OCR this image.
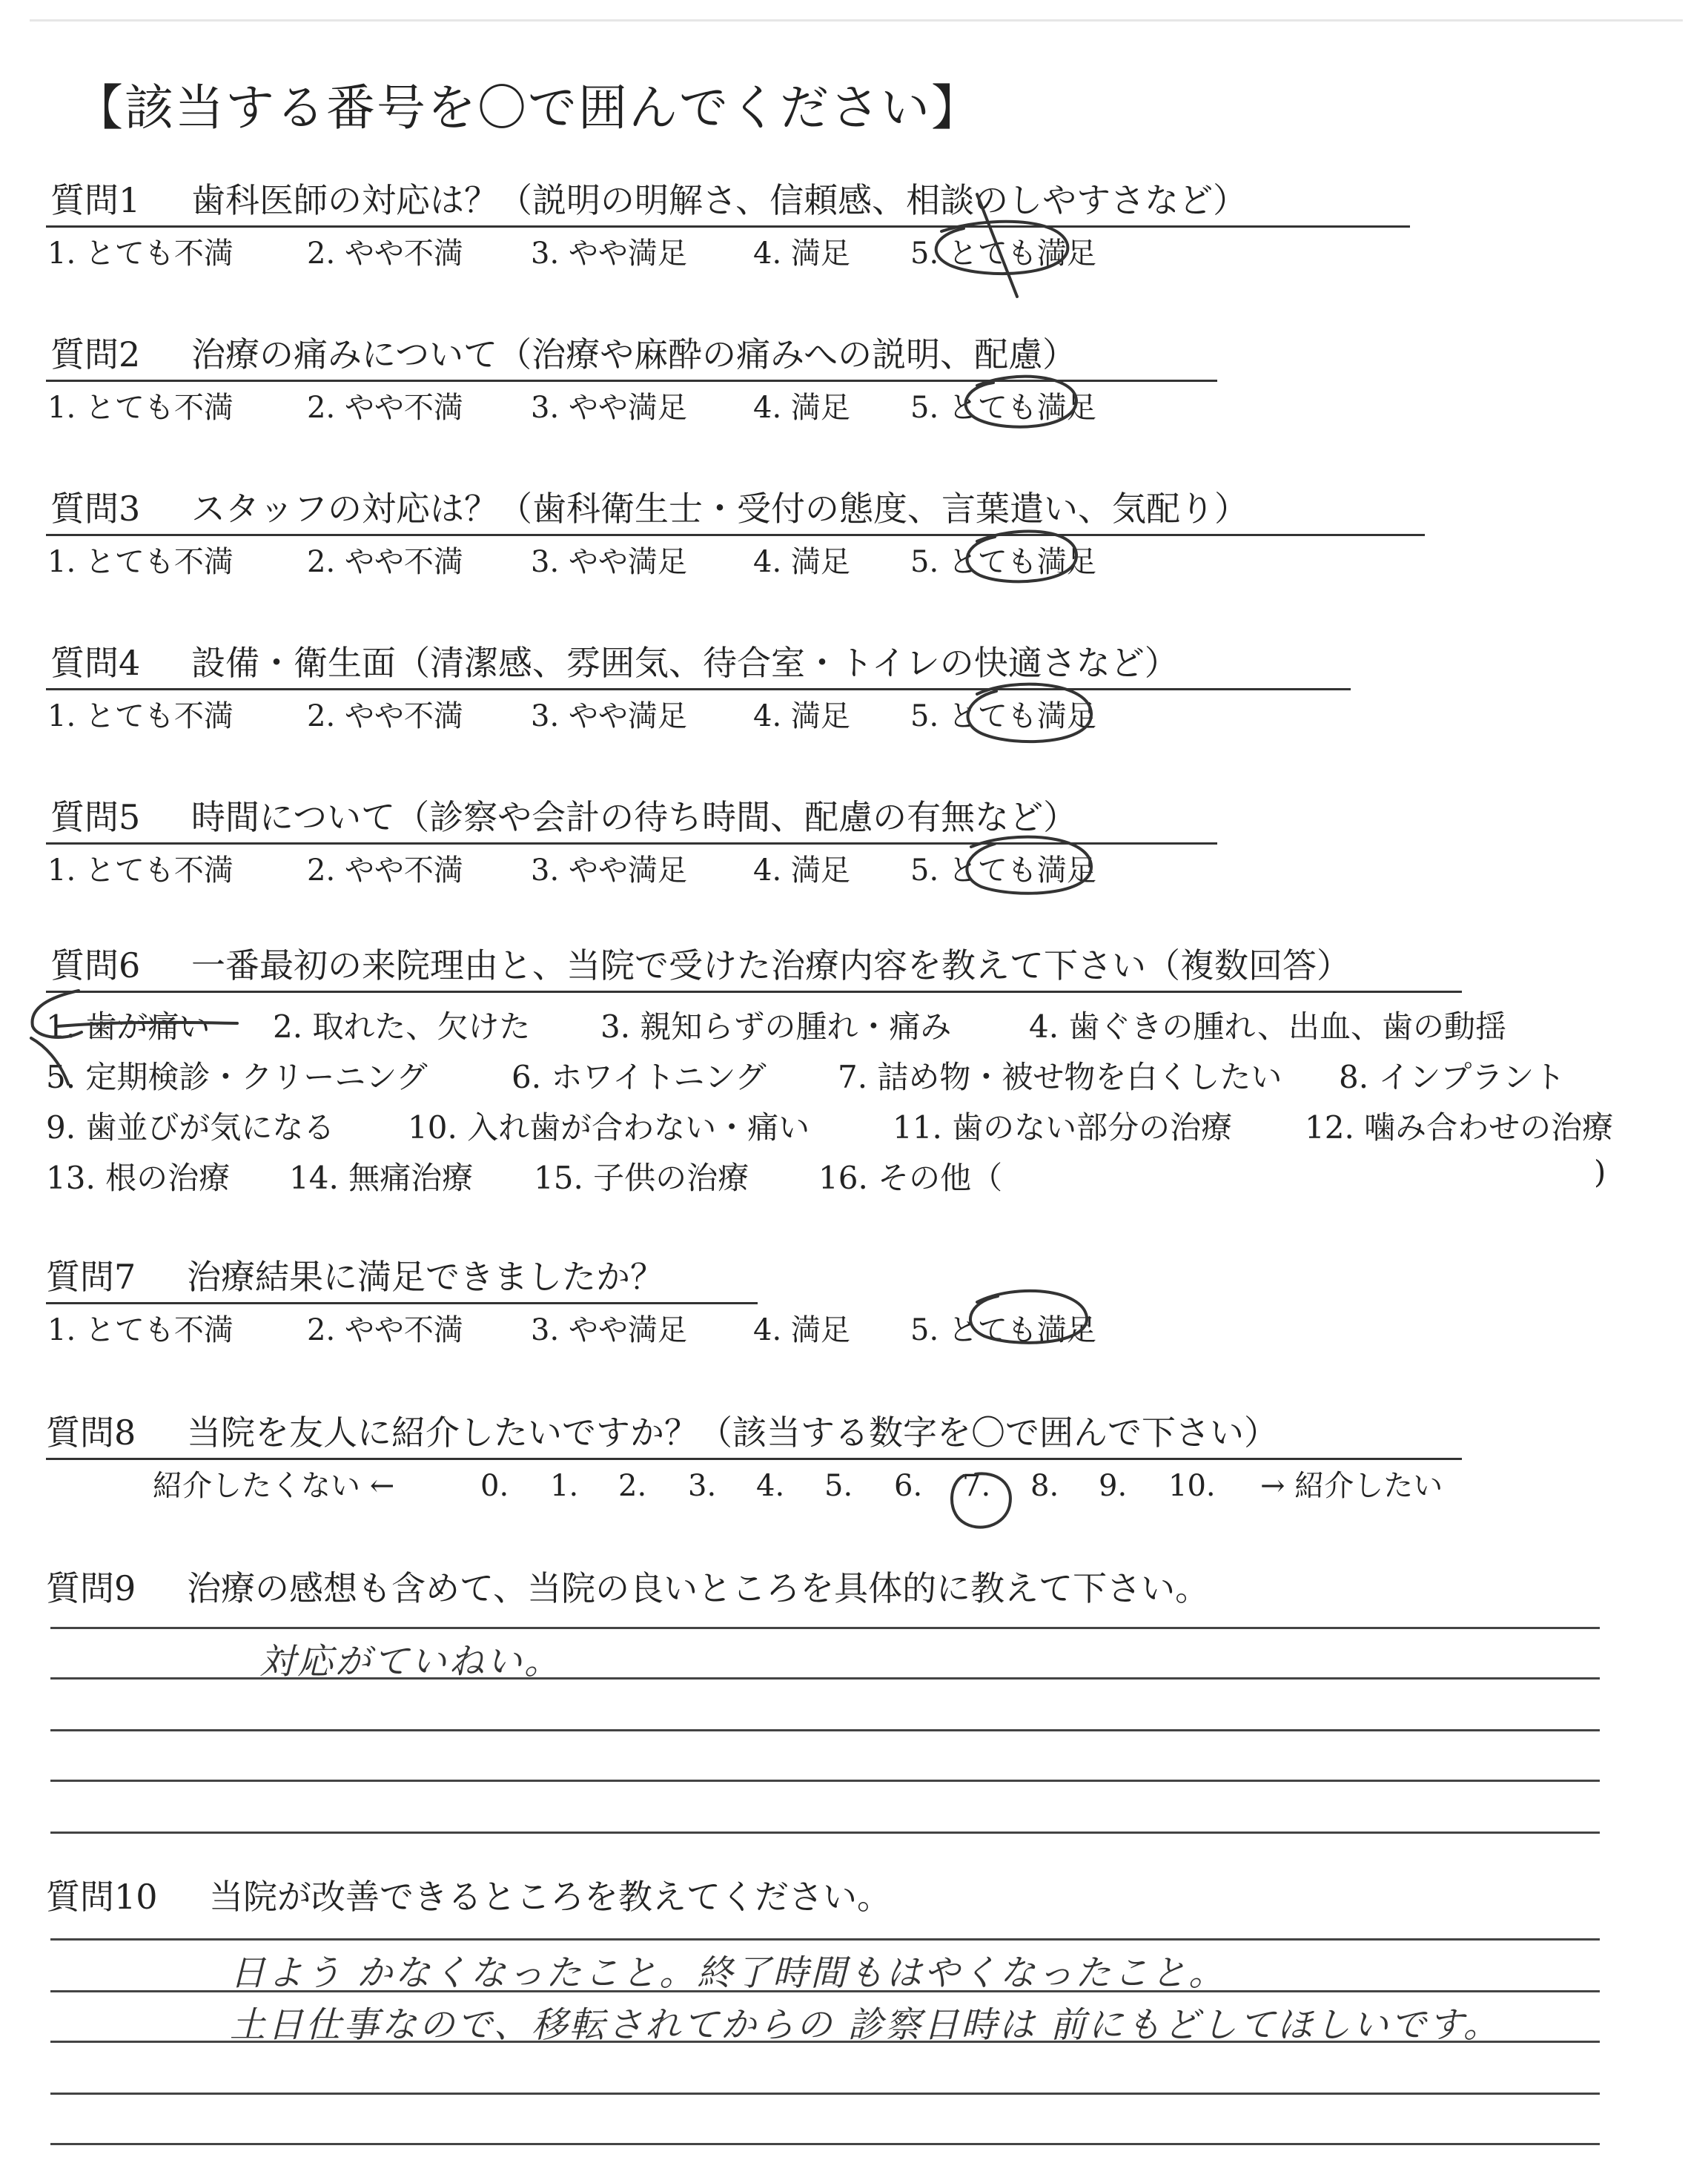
【該当する番号を〇で囲んでください】
質問1 歯科医師の対応は？（説明の明解さ、信頼感、相談のしやすさなど）
1. とても不満 2. やや不満 3. やや満足 4. 満足 5. とても満足
質問2 治療の痛みについて（治療や麻酔の痛みへの説明、配慮）
1. とても不満 2. やや不満 3. やや満足 4. 満足 5. とても満足
質問3 スタッフの対応は？（歯科衛生士・受付の態度、言葉遣い、気配り）
1. とても不満 2. やや不満 3. やや満足 4. 満足 5. とても満足
質問4 設備・衛生面（清潔感、雰囲気、待合室・トイレの快適さなど）
1. とても不満 2. やや不満 3. やや満足 4. 満足 5. とても満足
質問5 時間について（診察や会計の待ち時間、配慮の有無など）
1. とても不満 2. やや不満 3. やや満足 4. 満足 5. とても満足
質問6 一番最初の来院理由と、当院で受けた治療内容を教えて下さい（複数回答）
1. 歯が痛い 2. 取れた、欠けた 3. 親知らずの腫れ・痛み 4. 歯ぐきの腫れ、出血、歯の動揺
5. 定期検診・クリーニング	6. ホワイトニング 7. 詰め物・被せ物を白くしたい 8. インプラント
9. 歯並びが気になる 10. 入れ歯が合わない・痛い	11. 歯のない部分の治療 12. 噛み合わせの治療
13. 根の治療 14. 無痛治療 15. 子供の治療 16. その他（	)
質問7 治療結果に満足できましたか？
1. とても不満 2. やや不満 3. やや満足 4. 満足 5. とても満足
質問8 当院を友人に紹介したいですか？（該当する数字を〇で囲んで下さい）
紹介したくない ←	0. 1. 2. 3. 4. 5. 6. 7. 8. 9. 10. → 紹介したい
質問9 治療の感想も含めて、当院の良いところを具体的に教えて下さい。
対応がていねい。
質問10 当院が改善できるところを教えてください。
日よう かなくなったこと。終了時間もはやくなったこと。
土日仕事なので、移転されてからの 診察日時は 前にもどしてほしいです。
